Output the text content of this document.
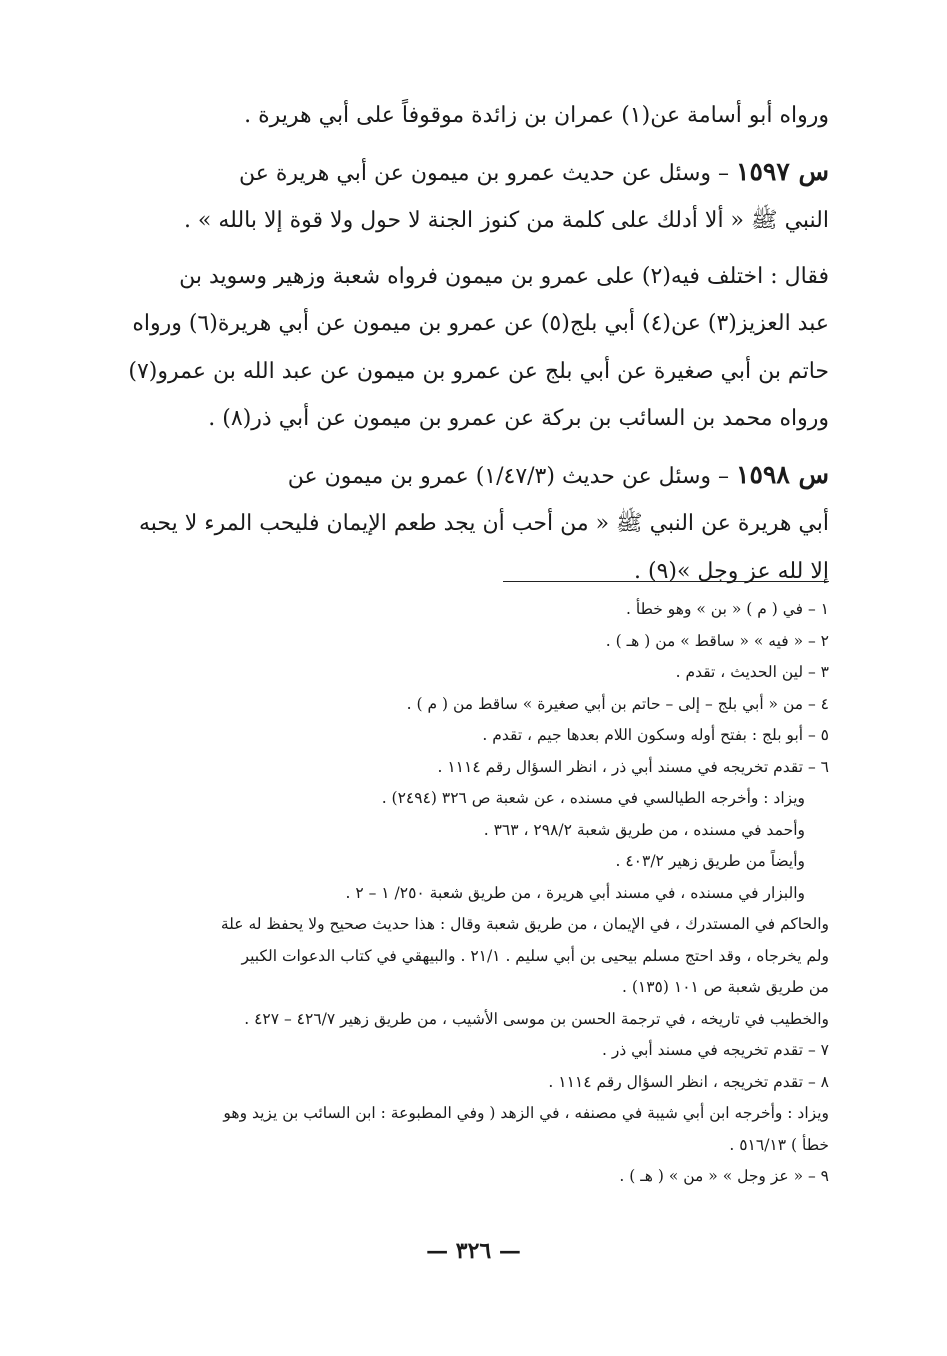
ورواه أبو أسامة عن(١) عمران بن زائدة موقوفاً على أبي هريرة .

س ١٥٩٧ – وسئل عن حديث عمرو بن ميمون عن أبي هريرة عن

النبي ﷺ « ألا أدلك على كلمة من كنوز الجنة لا حول ولا قوة إلا بالله » .

فقال : اختلف فيه(٢) على عمرو بن ميمون فرواه شعبة وزهير وسويد بن

عبد العزيز(٣) عن(٤) أبي بلج(٥) عن عمرو بن ميمون عن أبي هريرة(٦) ورواه

حاتم بن أبي صغيرة عن أبي بلج عن عمرو بن ميمون عن عبد الله بن عمرو(٧)

ورواه محمد بن السائب بن بركة عن عمرو بن ميمون عن أبي ذر(٨) .

س ١٥٩٨ – وسئل عن حديث (١/٤٧/٣) عمرو بن ميمون عن

أبي هريرة عن النبي ﷺ « من أحب أن يجد طعم الإيمان فليحب المرء لا يحبه

إلا لله عز وجل »(٩) .

١ – في ( م ) « بن » وهو خطأ .

٢ – « فيه » « ساقط » من ( هـ ) .

٣ – لين الحديث ، تقدم .

٤ – من « أبي بلج – إلى – حاتم بن أبي صغيرة » ساقط من ( م ) .

٥ – أبو بلج : بفتح أوله وسكون اللام بعدها جيم ، تقدم .

٦ – تقدم تخريجه في مسند أبي ذر ، انظر السؤال رقم ١١١٤ .

ويزاد : وأخرجه الطيالسي في مسنده ، عن شعبة ص ٣٢٦ (٢٤٩٤) .

وأحمد في مسنده ، من طريق شعبة ٢٩٨/٢ ، ٣٦٣ .

وأيضاً من طريق زهير ٤٠٣/٢ .

والبزار في مسنده ، في مسند أبي هريرة ، من طريق شعبة ٢٥٠/ ١ – ٢ .

والحاكم في المستدرك ، في الإيمان ، من طريق شعبة وقال : هذا حديث صحيح ولا يحفظ له علة

ولم يخرجاه ، وقد احتج مسلم بيحيى بن أبي سليم . ٢١/١ . والبيهقي في كتاب الدعوات الكبير

من طريق شعبة ص ١٠١ (١٣٥) .

والخطيب في تاريخه ، في ترجمة الحسن بن موسى الأشيب ، من طريق زهير ٤٢٦/٧ – ٤٢٧ .

٧ – تقدم تخريجه في مسند أبي ذر .

٨ – تقدم تخريجه ، انظر السؤال رقم ١١١٤ .

ويزاد : وأخرجه ابن أبي شيبة في مصنفه ، في الزهد ( وفي المطبوعة : ابن السائب بن يزيد وهو

خطأ ) ٥١٦/١٣ .

٩ – « عز وجل » « من » ( هـ ) .

— ٣٢٦ —
